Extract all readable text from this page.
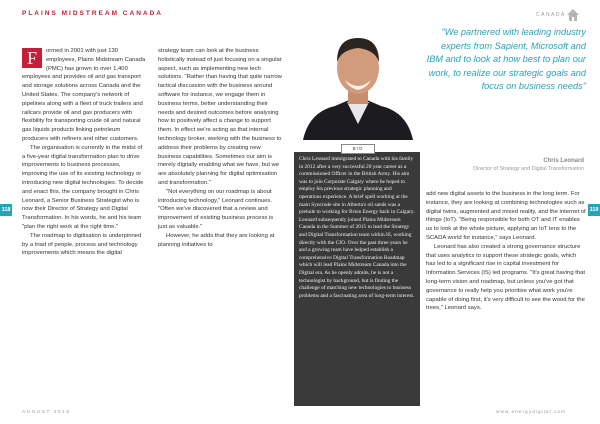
PLAINS MIDSTREAM CANADA	CANADA
118	119

F	ormed in 2001 with just 130 employees, Plains Midstream Canada (PMC) has grown to over 1,400 employees and provides oil and gas transport and storage solutions across Canada and the United States. The company's network of pipelines along with a fleet of truck trailers and railcars provide oil and gas producers with flexibility for transporting crude oil and natural gas liquids products linking petroleum producers with refiners and other customers.

The organisation is currently in the midst of a five-year digital transformation plan to drive improvements to business processes, improving the use of its existing technology or introducing new digital technologies. To decide and enact this, the company brought in Chris Leonard, a Senior Business Strategist who is now their Director of Strategy and Digital Transformation. In his words, he and his team "plan the right work at the right time."

The roadmap to digitisation is underpinned by a triad of people, process and technology improvements which means the digital

strategy team can look at the business holistically instead of just focusing on a singular aspect, such as implementing new tech solutions. "Rather than having that quite narrow tactical discussion with the business around software for instance, we engage them in business terms, better understanding their needs and desired outcomes before analysing how to positively affect a change to support them. In effect we're acting as that internal technology broker, working with the business to address their problems by creating new business capabilities. Sometimes our aim is merely digitally enabling what we have, but we are absolutely planning for digital optimisation and transformation."

"Not everything on our roadmap is about introducing technology," Leonard continues. "Often we've discovered that a review and improvement of existing business process is just as valuable."

However, he adds that they are looking at planning initiatives to

Chris Leonard immigrated to Canada with his family in 2012 after a very successful 20 year career as a commissioned Officer in the British Army. His aim was to join Corporate Calgary where he hoped to employ his previous strategic planning and operations experience. A brief spell working at the main Syncrude site in Alberta's oil sands was a prelude to working for Brion Energy back in Calgary. Leonard subsequently joined Plains Midstream Canada in the Summer of 2015 to lead the Strategy and Digital Transformation team within IS, working directly with the CIO. Over the past three years he and a growing team have helped establish a comprehensive Digital Transformation Roadmap which will lead Plains Midstream Canada into the Digital era. As he openly admits, he is not a technologist by background, but is finding the challenge of matching new technologies to business problems and a fascinating area of long-term interest.
BIO
"We partnered with leading industry experts from Sapient, Microsoft and IBM and to look at how best to plan our work, to realize our strategic goals and focus on business needs"
Chris Leonard
Director of Strategy and Digital Transformation

add new digital assets to the business in the long term. For instance, they are looking at combining technologies such as digital twins, augmented and mixed reality, and the internet of things (IoT). "Being responsible for both OT and IT enables us to look at the whole picture, applying an IoT lens to the SCADA world for instance," says Leonard.

Leonard has also created a strong governance structure that uses analytics to support these strategic goals, which has led to a significant rise in capital investment for Information Services (IS) led programs. "It's great having that long-term vision and roadmap, but unless you've got that governance to really help you prioritise what work you're capable of doing first, it's very difficult to see the wood for the trees," Leonard says.

AUGUST 2018	www.energydigital.com
